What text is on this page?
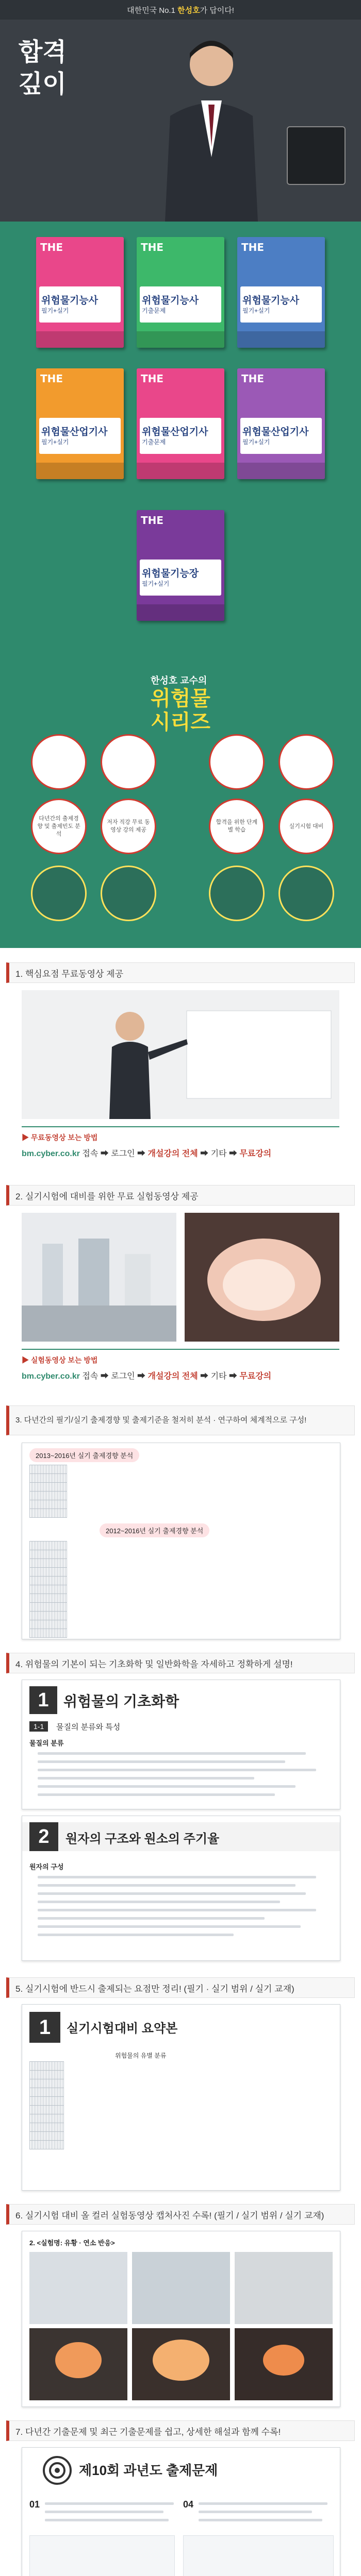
대한민국 No.1
한성호 가 답이다!
합격
깊이
THE
위험물기능사
필기+실기
THE
위험물기능사
기출문제
THE
위험물기능사
필기+실기
THE
위험물산업기사
필기+실기
THE
위험물산업기사
기출문제
THE
위험물산업기사
필기+실기
THE
위험물기능장
필기+실기
한성호 교수의
위험물
시리즈
다년간의 출제경향 및 출제빈도 분석
저자 직강 무료 동영상 강의 제공
합격을 위한 단계별 학습
실기시험 대비
1. 핵심요점 무료동영상 제공
▶ 무료동영상 보는 방법
bm.cyber.co.kr 접속 ➡ 로그인 ➡ 개설강의 전체 ➡ 기타 ➡ 무료강의
2. 실기시험에 대비를 위한 무료 실험동영상 제공
▶ 실험동영상 보는 방법
bm.cyber.co.kr 접속 ➡ 로그인 ➡ 개설강의 전체 ➡ 기타 ➡ 무료강의
3. 다년간의 필기/실기 출제경향 및 출제기준을 철저히 분석 · 연구하여 체계적으로 구성!
2013~2016년 실기 출제경향 분석
2012~2016년 실기 출제경향 분석

4. 위험물의 기본이 되는 기초화학 및 일반화학을 자세하고 정확하게 설명!
1	위험물의 기초화학
1-1	물질의 분류와 특성
물질의 분류
2	원자의 구조와 원소의 주기율
원자의 구성
5. 실기시험에 반드시 출제되는 요점만 정리! (필기 · 실기 범위 / 실기 교재)
1	실기시험대비 요약본
위험물의 유별 분류

6. 실기시험 대비 올 컬러 실험동영상 캡처사진 수록! (필기 / 실기 범위 / 실기 교재)
2. <실험명: 유황 · 연소 반응>
7. 다년간 기출문제 및 최근 기출문제를 쉽고, 상세한 해설과 함께 수록!
제10회 과년도 출제문제
01	04
